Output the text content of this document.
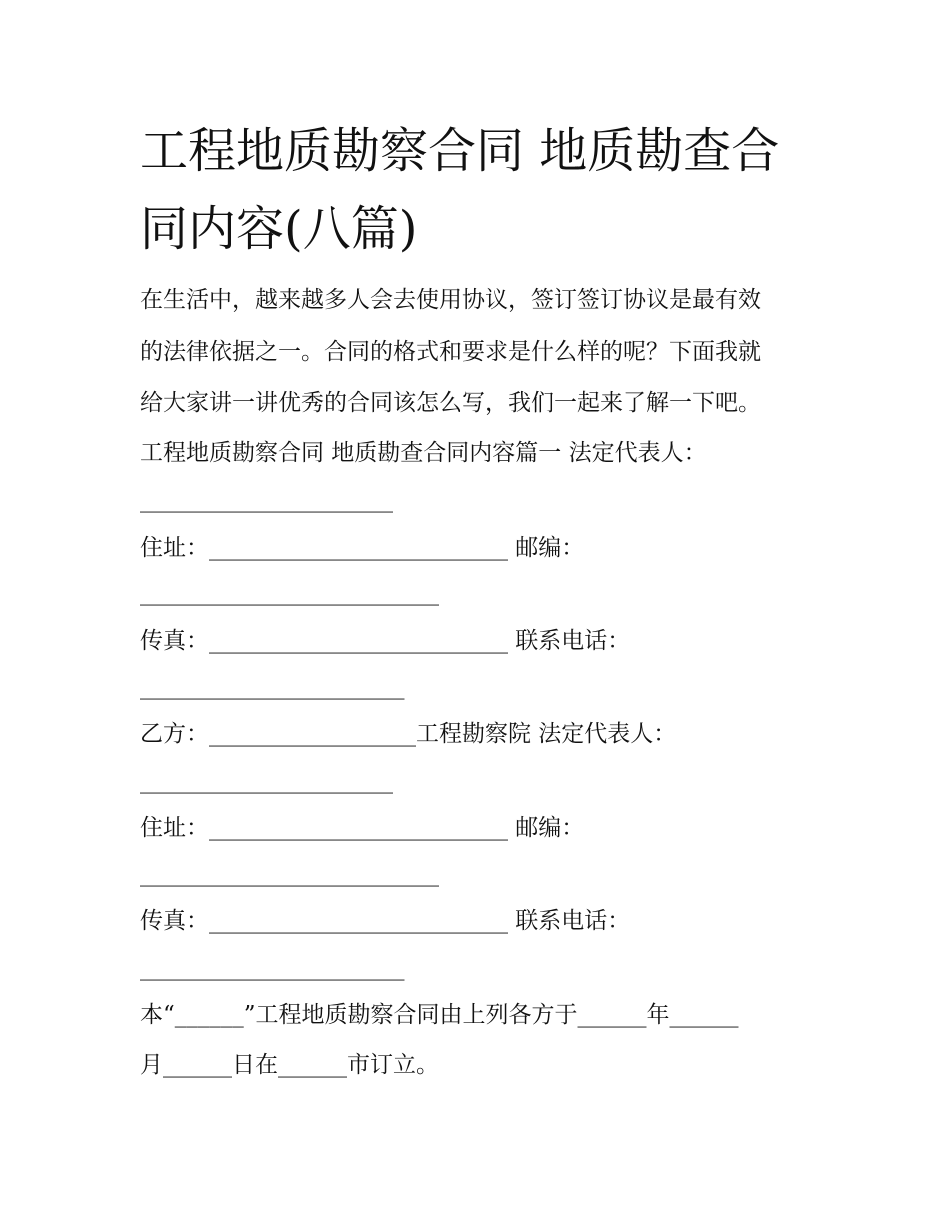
工程地质勘察合同 地质勘查合同内容(八篇)
在生活中，越来越多人会去使用协议，签订签订协议是最有效
的法律依据之一。合同的格式和要求是什么样的呢？下面我就
给大家讲一讲优秀的合同该怎么写，我们一起来了解一下吧。
工程地质勘察合同 地质勘查合同内容篇一 法定代表人：
______________________
住址：__________________________ 邮编：
__________________________
传真：__________________________ 联系电话：
_______________________
乙方：__________________工程勘察院 法定代表人：
______________________
住址：__________________________ 邮编：
__________________________
传真：__________________________ 联系电话：
_______________________
本“______”工程地质勘察合同由上列各方于______年______
月______日在______市订立。
